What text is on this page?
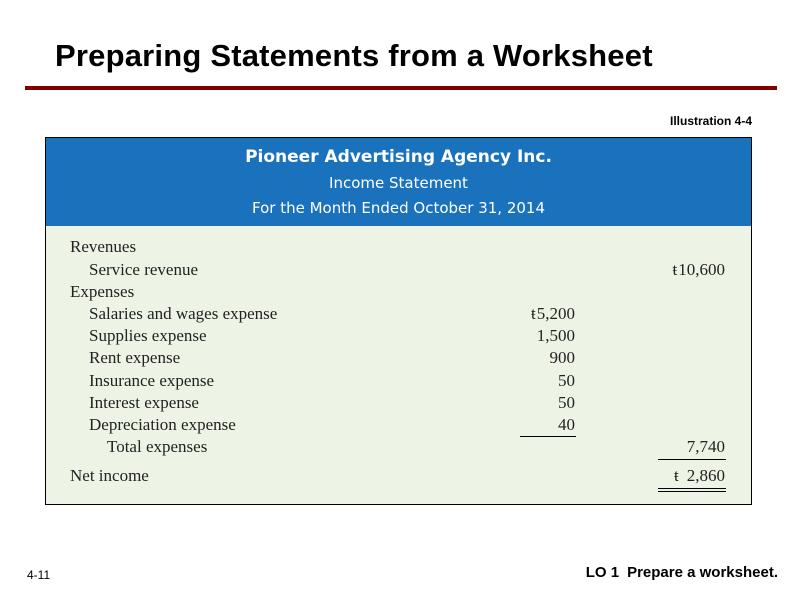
Preparing Statements from a Worksheet
Illustration 4-4
Pioneer Advertising Agency Inc.
Income Statement
For the Month Ended October 31, 2014
Revenues
Service revenue	ŧ10,600
Expenses
Salaries and wages expense	ŧ5,200
Supplies expense	1,500
Rent expense	900
Insurance expense	50
Interest expense	50
Depreciation expense	40
Total expenses	7,740
Net income	ŧ 2,860
4-11	LO 1 Prepare a worksheet.
